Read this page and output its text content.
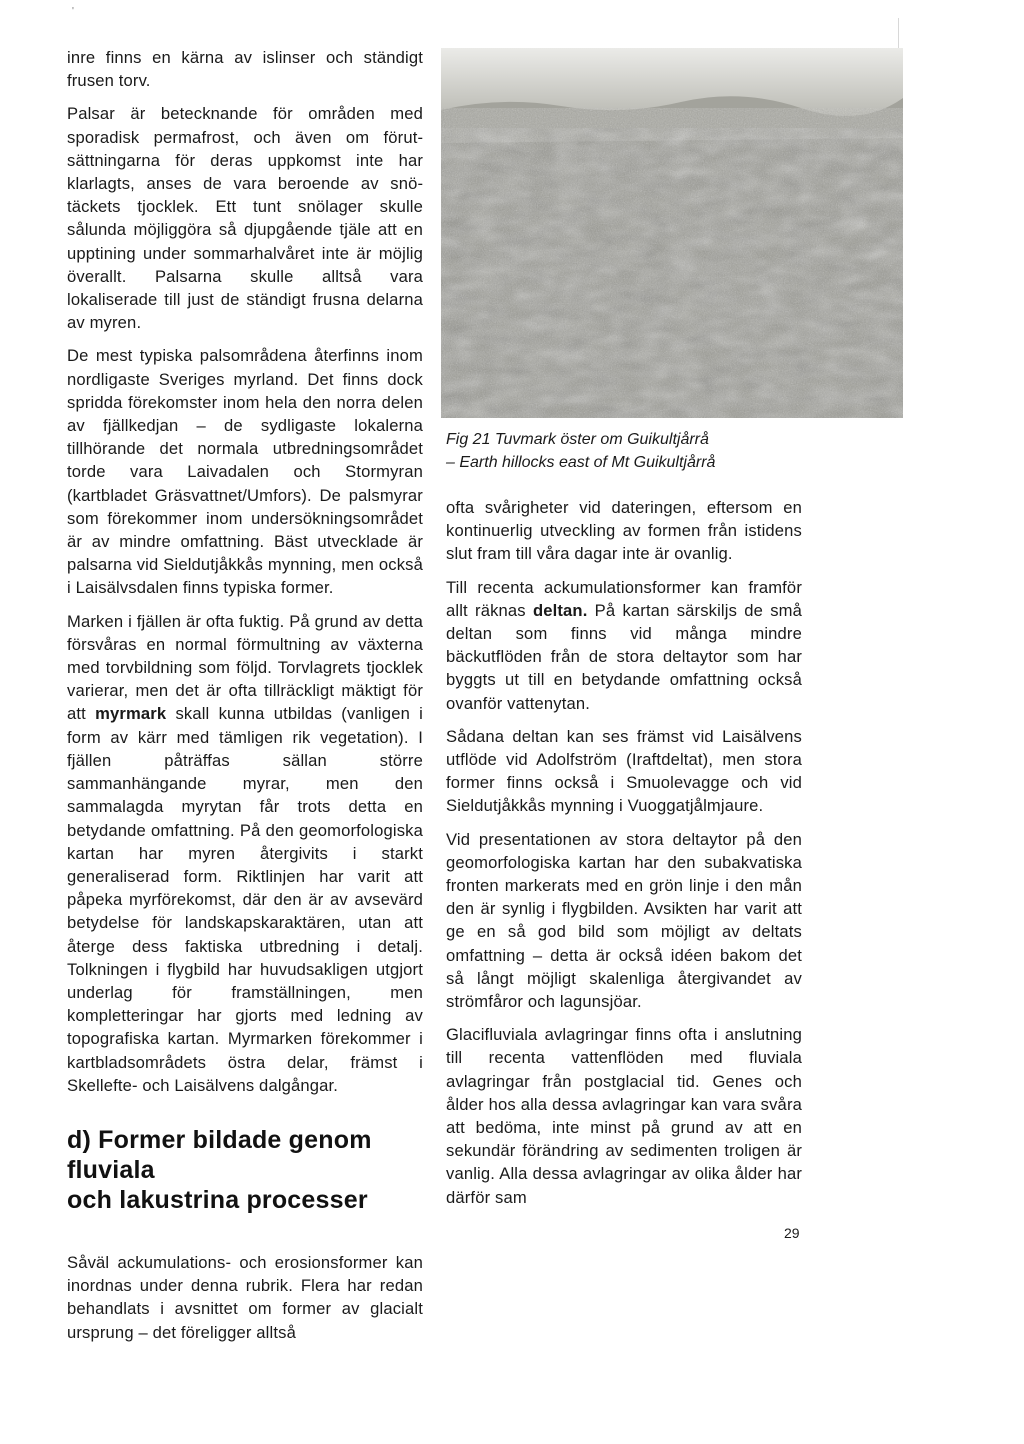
'

inre finns en kärna av islinser och ständigt frusen torv.

Palsar är betecknande för områden med sporadisk permafrost, och även om förutsättningarna för deras uppkomst inte har klarlagts, anses de vara beroende av snötäckets tjocklek. Ett tunt snölager skulle sålunda möjliggöra så djupgående tjäle att en upptining under sommarhalvåret inte är möjlig överallt. Palsarna skulle alltså vara lokaliserade till just de ständigt frusna delarna av myren.

De mest typiska palsområdena återfinns inom nordligaste Sveriges myrland. Det finns dock spridda förekomster inom hela den norra delen av fjällkedjan – de sydligaste lokalerna tillhörande det normala utbredningsområdet torde vara Laivadalen och Stormyran (kartbladet Gräsvattnet/Umfors). De palsmyrar som förekommer inom undersökningsområdet är av mindre omfattning. Bäst utvecklade är palsarna vid Sieldutjåkkås mynning, men också i Laisälvsdalen finns typiska former.

Marken i fjällen är ofta fuktig. På grund av detta försvåras en normal förmultning av växterna med torvbildning som följd. Torvlagrets tjocklek varierar, men det är ofta tillräckligt mäktigt för att myrmark skall kunna utbildas (vanligen i form av kärr med tämligen rik vegetation). I fjällen påträffas sällan större sammanhängande myrar, men den sammalagda myrytan får trots detta en betydande omfattning. På den geomorfologiska kartan har myren återgivits i starkt generaliserad form. Riktlinjen har varit att påpeka myrförekomst, där den är av avsevärd betydelse för landskapskaraktären, utan att återge dess faktiska utbredning i detalj. Tolkningen i flygbild har huvudsakligen utgjort underlag för framställningen, men kompletteringar har gjorts med ledning av topografiska kartan. Myrmarken förekommer i kartbladsområdets östra delar, främst i Skellefte- och Laisälvens dalgångar.

d) Former bildade genom fluviala
och lakustrina processer

Såväl ackumulations- och erosionsformer kan inordnas under denna rubrik. Flera har redan behandlats i avsnittet om former av glacialt ursprung – det föreligger alltså

Fig 21 Tuvmark öster om Guikultjårrå
– Earth hillocks east of Mt Guikultjårrå

ofta svårigheter vid dateringen, eftersom en kontinuerlig utveckling av formen från istidens slut fram till våra dagar inte är ovanlig.

Till recenta ackumulationsformer kan framför allt räknas deltan. På kartan särskiljs de små deltan som finns vid många mindre bäckutflöden från de stora deltaytor som har byggts ut till en betydande omfattning också ovanför vattenytan.

Sådana deltan kan ses främst vid Laisälvens utflöde vid Adolfström (Iraftdeltat), men stora former finns också i Smuolevagge och vid Sieldutjåkkås mynning i Vuoggatjålmjaure.

Vid presentationen av stora deltaytor på den geomorfologiska kartan har den subakvatiska fronten markerats med en grön linje i den mån den är synlig i flygbilden. Avsikten har varit att ge en så god bild som möjligt av deltats omfattning – detta är också idéen bakom det så långt möjligt skalenliga återgivandet av strömfåror och lagunsjöar.

Glacifluviala avlagringar finns ofta i anslutning till recenta vattenflöden med fluviala avlagringar från postglacial tid. Genes och ålder hos alla dessa avlagringar kan vara svåra att bedöma, inte minst på grund av att en sekundär förändring av sedimenten troligen är vanlig. Alla dessa avlagringar av olika ålder har därför sam

29
